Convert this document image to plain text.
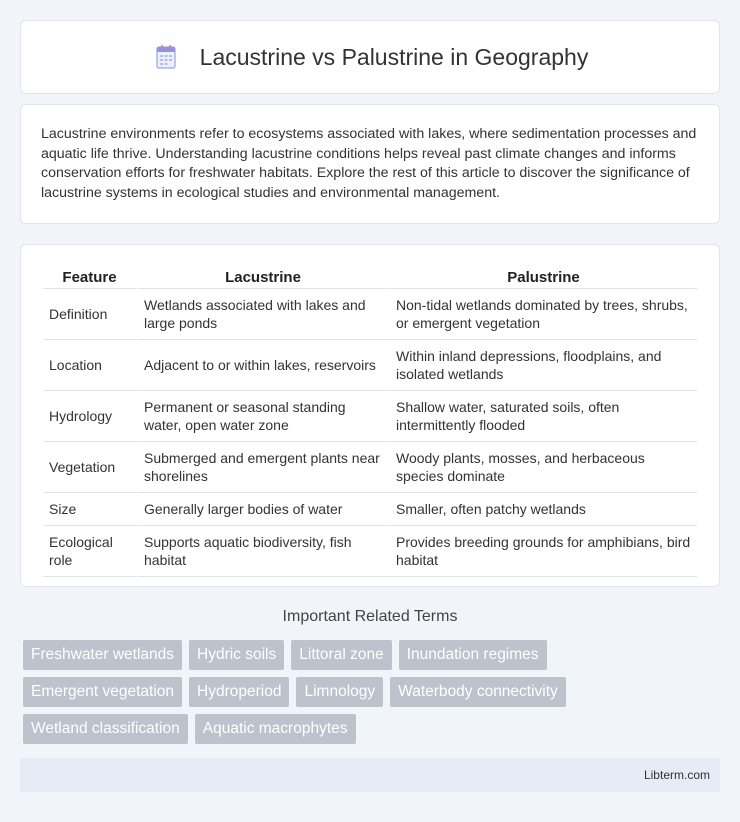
Lacustrine vs Palustrine in Geography

Lacustrine environments refer to ecosystems associated with lakes, where sedimentation processes and aquatic life thrive. Understanding lacustrine conditions helps reveal past climate changes and informs conservation efforts for freshwater habitats. Explore the rest of this article to discover the significance of lacustrine systems in ecological studies and environmental management.

Feature	Lacustrine	Palustrine
Definition	Wetlands associated with lakes and large ponds	Non-tidal wetlands dominated by trees, shrubs, or emergent vegetation
Location	Adjacent to or within lakes, reservoirs	Within inland depressions, floodplains, and isolated wetlands
Hydrology	Permanent or seasonal standing water, open water zone	Shallow water, saturated soils, often intermittently flooded
Vegetation	Submerged and emergent plants near shorelines	Woody plants, mosses, and herbaceous species dominate
Size	Generally larger bodies of water	Smaller, often patchy wetlands
Ecological role	Supports aquatic biodiversity, fish habitat	Provides breeding grounds for amphibians, bird habitat
Important Related Terms
Freshwater wetlands	Hydric soils	Littoral zone	Inundation regimes
Emergent vegetation	Hydroperiod	Limnology	Waterbody connectivity
Wetland classification	Aquatic macrophytes
Libterm.com
